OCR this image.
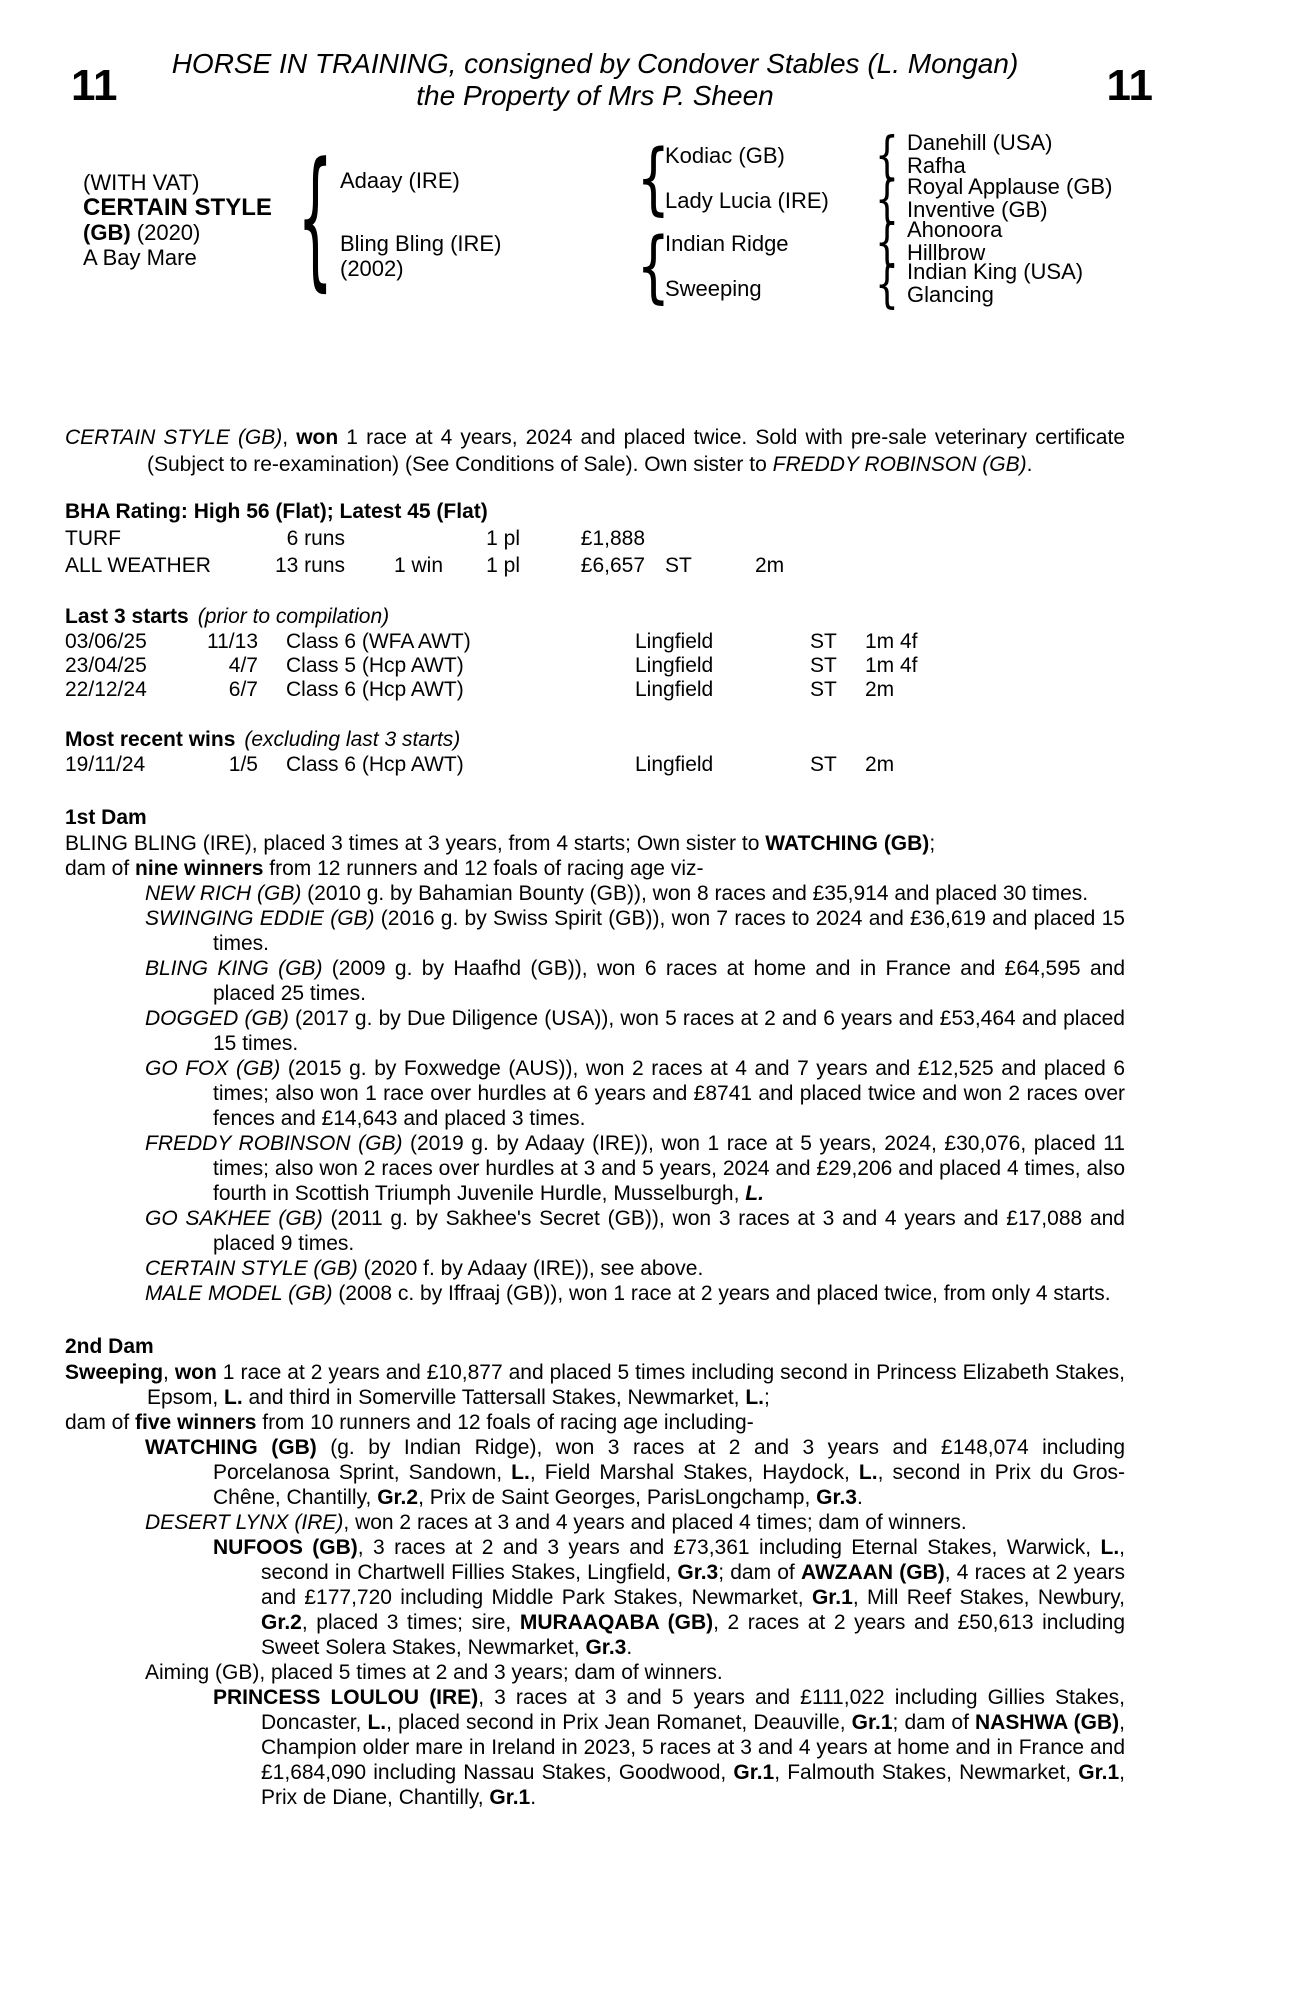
11	11
HORSE IN TRAINING, consigned by Condover Stables (L. Mongan)
the Property of Mrs P. Sheen
(WITH VAT)
CERTAIN STYLE
(GB) (2020)
A Bay Mare	{ Adaay (IRE)
Bling Bling (IRE)
(2002)
{
{
Kodiac (GB)
Lady Lucia (IRE)
Indian Ridge
Sweeping
{
{
{
{
Danehill (USA)
Rafha
Royal Applause (GB)
Inventive (GB)
Ahonoora
Hillbrow
Indian King (USA)
Glancing
CERTAIN STYLE (GB), won 1 race at 4 years, 2024 and placed twice. Sold with pre-sale veterinary certificate (Subject to re-examination) (See Conditions of Sale). Own sister to FREDDY ROBINSON (GB).
BHA Rating: High 56 (Flat); Latest 45 (Flat)
TURF	6 runs	1 pl	£1,888
ALL WEATHER	13 runs	1 win	1 pl	£6,657 ST	2m
Last 3 starts (prior to compilation)
03/06/25	11/13	Class 6 (WFA AWT)	Lingfield	ST	1m 4f
23/04/25	4/7	Class 5 (Hcp AWT)	Lingfield	ST	1m 4f
22/12/24	6/7	Class 6 (Hcp AWT)	Lingfield	ST	2m
Most recent wins (excluding last 3 starts)
19/11/24	1/5	Class 6 (Hcp AWT)	Lingfield	ST	2m
1st Dam
BLING BLING (IRE), placed 3 times at 3 years, from 4 starts; Own sister to WATCHING (GB);
dam of nine winners from 12 runners and 12 foals of racing age viz-
NEW RICH (GB) (2010 g. by Bahamian Bounty (GB)), won 8 races and £35,914 and placed 30 times.
SWINGING EDDIE (GB) (2016 g. by Swiss Spirit (GB)), won 7 races to 2024 and £36,619 and placed 15 times.
BLING KING (GB) (2009 g. by Haafhd (GB)), won 6 races at home and in France and £64,595 and placed 25 times.
DOGGED (GB) (2017 g. by Due Diligence (USA)), won 5 races at 2 and 6 years and £53,464 and placed 15 times.
GO FOX (GB) (2015 g. by Foxwedge (AUS)), won 2 races at 4 and 7 years and £12,525 and placed 6 times; also won 1 race over hurdles at 6 years and £8741 and placed twice and won 2 races over fences and £14,643 and placed 3 times.
FREDDY ROBINSON (GB) (2019 g. by Adaay (IRE)), won 1 race at 5 years, 2024, £30,076, placed 11 times; also won 2 races over hurdles at 3 and 5 years, 2024 and £29,206 and placed 4 times, also fourth in Scottish Triumph Juvenile Hurdle, Musselburgh, L.
GO SAKHEE (GB) (2011 g. by Sakhee's Secret (GB)), won 3 races at 3 and 4 years and £17,088 and placed 9 times.
CERTAIN STYLE (GB) (2020 f. by Adaay (IRE)), see above.
MALE MODEL (GB) (2008 c. by Iffraaj (GB)), won 1 race at 2 years and placed twice, from only 4 starts.
2nd Dam
Sweeping, won 1 race at 2 years and £10,877 and placed 5 times including second in Princess Elizabeth Stakes, Epsom, L. and third in Somerville Tattersall Stakes, Newmarket, L.;
dam of five winners from 10 runners and 12 foals of racing age including-
WATCHING (GB) (g. by Indian Ridge), won 3 races at 2 and 3 years and £148,074 including Porcelanosa Sprint, Sandown, L., Field Marshal Stakes, Haydock, L., second in Prix du Gros-Chêne, Chantilly, Gr.2, Prix de Saint Georges, ParisLongchamp, Gr.3.
DESERT LYNX (IRE), won 2 races at 3 and 4 years and placed 4 times; dam of winners.
NUFOOS (GB), 3 races at 2 and 3 years and £73,361 including Eternal Stakes, Warwick, L., second in Chartwell Fillies Stakes, Lingfield, Gr.3; dam of AWZAAN (GB), 4 races at 2 years and £177,720 including Middle Park Stakes, Newmarket, Gr.1, Mill Reef Stakes, Newbury, Gr.2, placed 3 times; sire, MURAAQABA (GB), 2 races at 2 years and £50,613 including Sweet Solera Stakes, Newmarket, Gr.3.
Aiming (GB), placed 5 times at 2 and 3 years; dam of winners.
PRINCESS LOULOU (IRE), 3 races at 3 and 5 years and £111,022 including Gillies Stakes, Doncaster, L., placed second in Prix Jean Romanet, Deauville, Gr.1; dam of NASHWA (GB), Champion older mare in Ireland in 2023, 5 races at 3 and 4 years at home and in France and £1,684,090 including Nassau Stakes, Goodwood, Gr.1, Falmouth Stakes, Newmarket, Gr.1, Prix de Diane, Chantilly, Gr.1.
